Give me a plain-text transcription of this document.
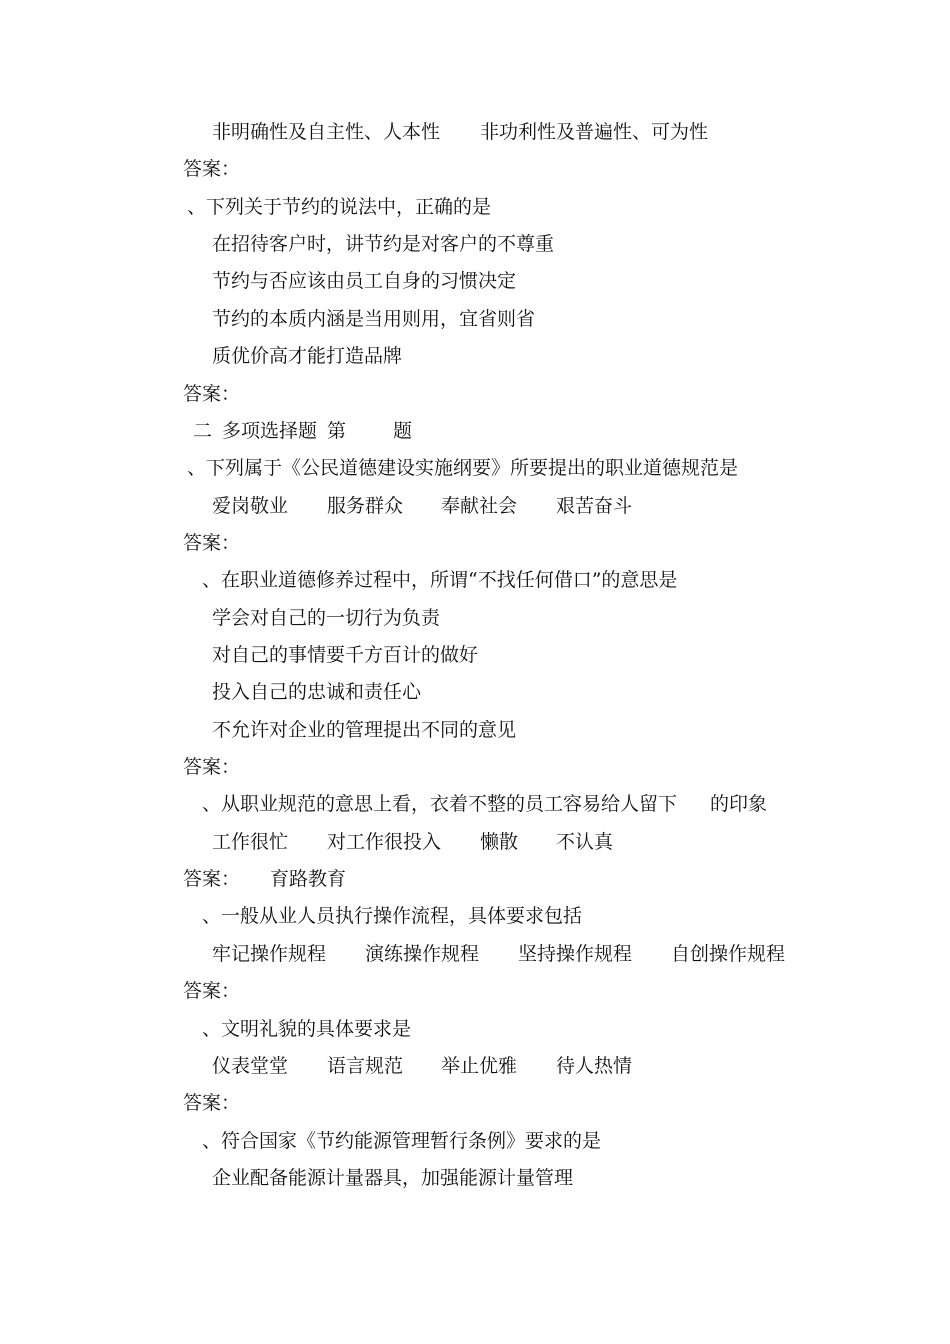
非明确性及自主性、人本性

非功利性及普遍性、可为性

答案：
、下列关于节约的说法中，正确的是
在招待客户时，讲节约是对客户的不尊重
节约与否应该由员工自身的习惯决定
节约的本质内涵是当用则用，宜省则省
质优价高才能打造品牌
答案：

二

多项选择题

第

题

、下列属于《公民道德建设实施纲要》所要提出的职业道德规范是

爱岗敬业

服务群众

奉献社会

艰苦奋斗

答案：
、在职业道德修养过程中，所谓“不找任何借口”的意思是
学会对自己的一切行为负责
对自己的事情要千方百计的做好
投入自己的忠诚和责任心
不允许对企业的管理提出不同的意见
答案：

、从职业规范的意思上看，衣着不整的员工容易给人留下

的印象

工作很忙

对工作很投入

懒散

不认真

答案：

育路教育

、一般从业人员执行操作流程，具体要求包括

牢记操作规程

演练操作规程

坚持操作规程

自创操作规程

答案：
、文明礼貌的具体要求是

仪表堂堂

语言规范

举止优雅

待人热情

答案：
、符合国家《节约能源管理暂行条例》要求的是
企业配备能源计量器具，加强能源计量管理
